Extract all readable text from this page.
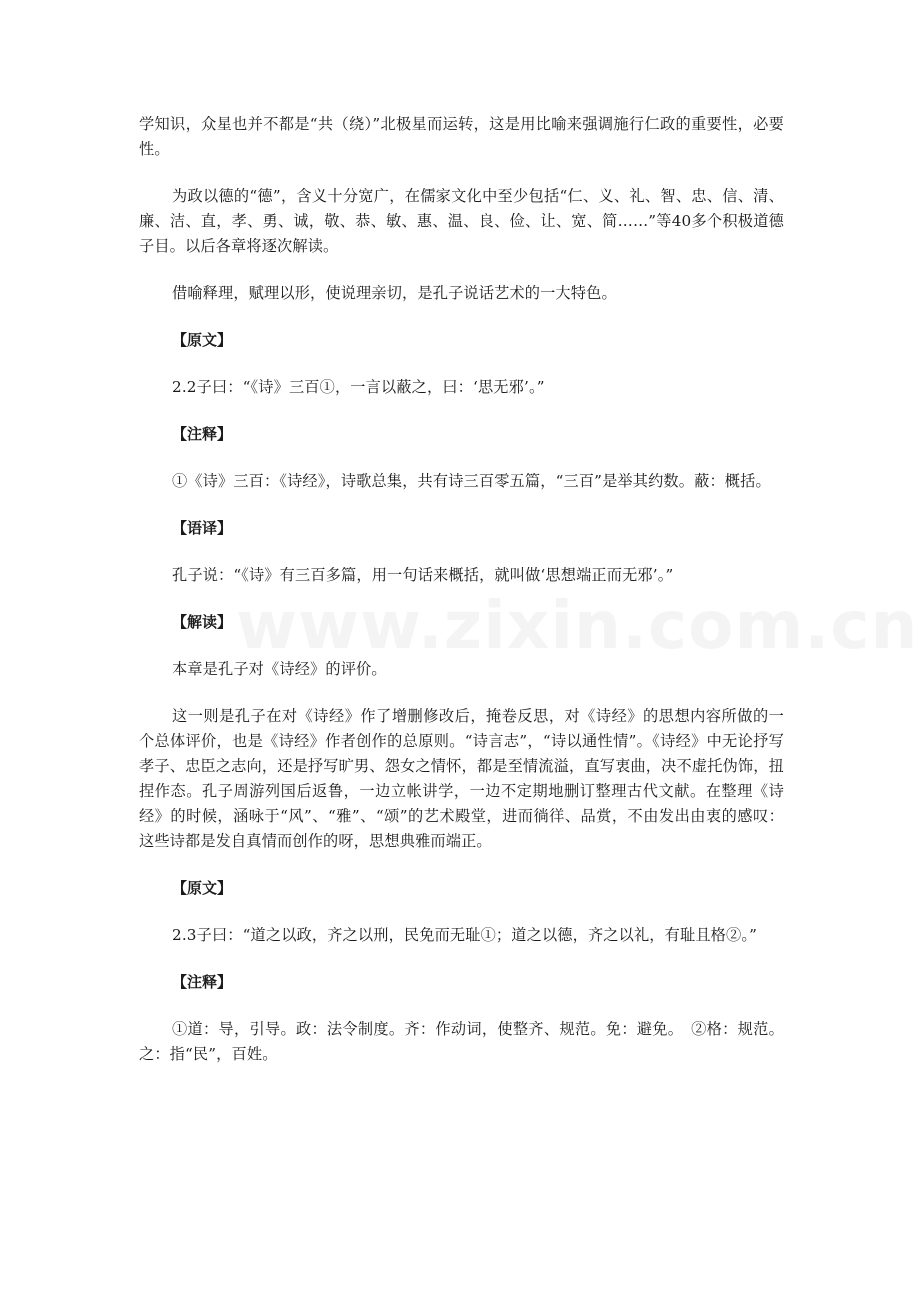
www.zixin.com.cn

学知识，众星也并不都是“共（绕）”北极星而运转，这是用比喻来强调施行仁政的重要性，必要性。

为政以德的“德”，含义十分宽广，在儒家文化中至少包括“仁、义、礼、智、忠、信、清、廉、洁、直，孝、勇、诚，敬、恭、敏、惠、温、良、俭、让、宽、简……”等40多个积极道德子目。以后各章将逐次解读。

借喻释理，赋理以形，使说理亲切，是孔子说话艺术的一大特色。

【原文】

2.2子曰：“《诗》三百①，一言以蔽之，曰：‘思无邪’。”

【注释】

①《诗》三百：《诗经》，诗歌总集，共有诗三百零五篇，“三百”是举其约数。蔽：概括。

【语译】

孔子说：“《诗》有三百多篇，用一句话来概括，就叫做‘思想端正而无邪’。”

【解读】

本章是孔子对《诗经》的评价。

这一则是孔子在对《诗经》作了增删修改后，掩卷反思，对《诗经》的思想内容所做的一个总体评价，也是《诗经》作者创作的总原则。“诗言志”，“诗以通性情”。《诗经》中无论抒写孝子、忠臣之志向，还是抒写旷男、怨女之情怀，都是至情流溢，直写衷曲，决不虚托伪饰，扭捏作态。孔子周游列国后返鲁，一边立帐讲学，一边不定期地删订整理古代文献。在整理《诗经》的时候，涵咏于“风”、“雅”、“颂”的艺术殿堂，进而徜徉、品赏，不由发出由衷的感叹：这些诗都是发自真情而创作的呀，思想典雅而端正。

【原文】

2.3子曰：“道之以政，齐之以刑，民免而无耻①；道之以德，齐之以礼，有耻且格②。”

【注释】

①道：导，引导。政：法令制度。齐：作动词，使整齐、规范。免：避免。　②格：规范。之：指“民”，百姓。
